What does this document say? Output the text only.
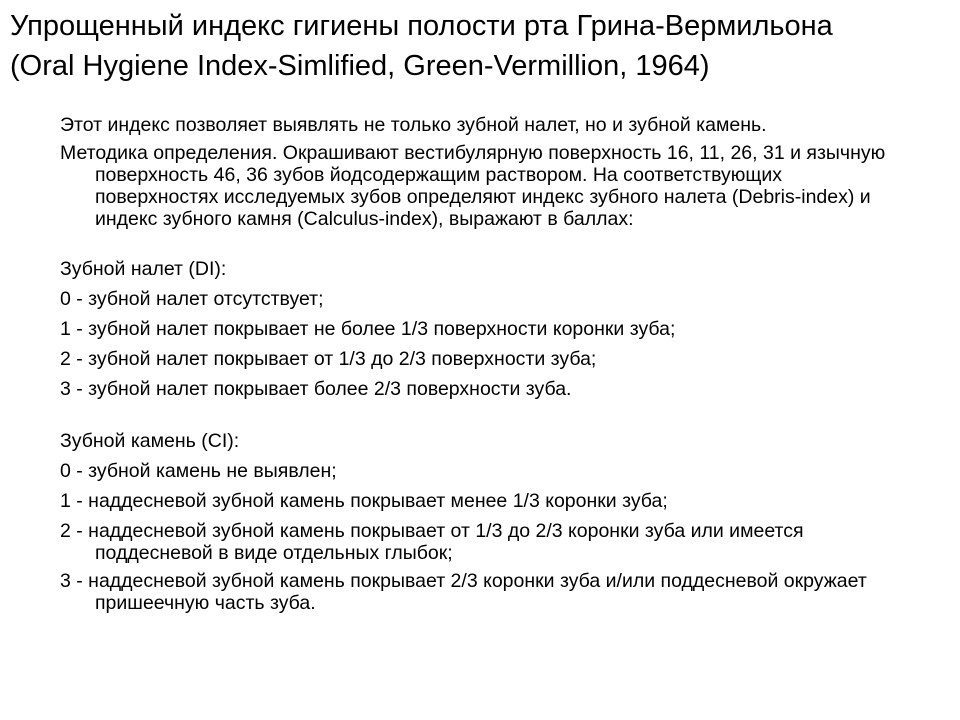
Упрощенный индекс гигиены полости рта Грина-Вермильона
(Oral Hygiene Index-Simlified, Green-Vermillion, 1964)

Этот индекс позволяет выявлять не только зубной налет, но и зубной камень.

Методика определения. Окрашивают вестибулярную поверхность 16, 11, 26, 31 и язычную поверхность 46, 36 зубов йодсодержащим раствором. На соответствующих поверхностях исследуемых зубов определяют индекс зубного налета (Debris-index) и индекс зубного камня (Calculus-index), выражают в баллах:

Зубной налет (DI):

0 - зубной налет отсутствует;

1 - зубной налет покрывает не более 1/3 поверхности коронки зуба;

2 - зубной налет покрывает от 1/3 до 2/3 поверхности зуба;

3 - зубной налет покрывает более 2/3 поверхности зуба.

Зубной камень (CI):

0 - зубной камень не выявлен;

1 - наддесневой зубной камень покрывает менее 1/3 коронки зуба;

2 - наддесневой зубной камень покрывает от 1/3 до 2/3 коронки зуба или имеется поддесневой в виде отдельных глыбок;

3 - наддесневой зубной камень покрывает 2/3 коронки зуба и/или поддесневой окружает пришеечную часть зуба.
